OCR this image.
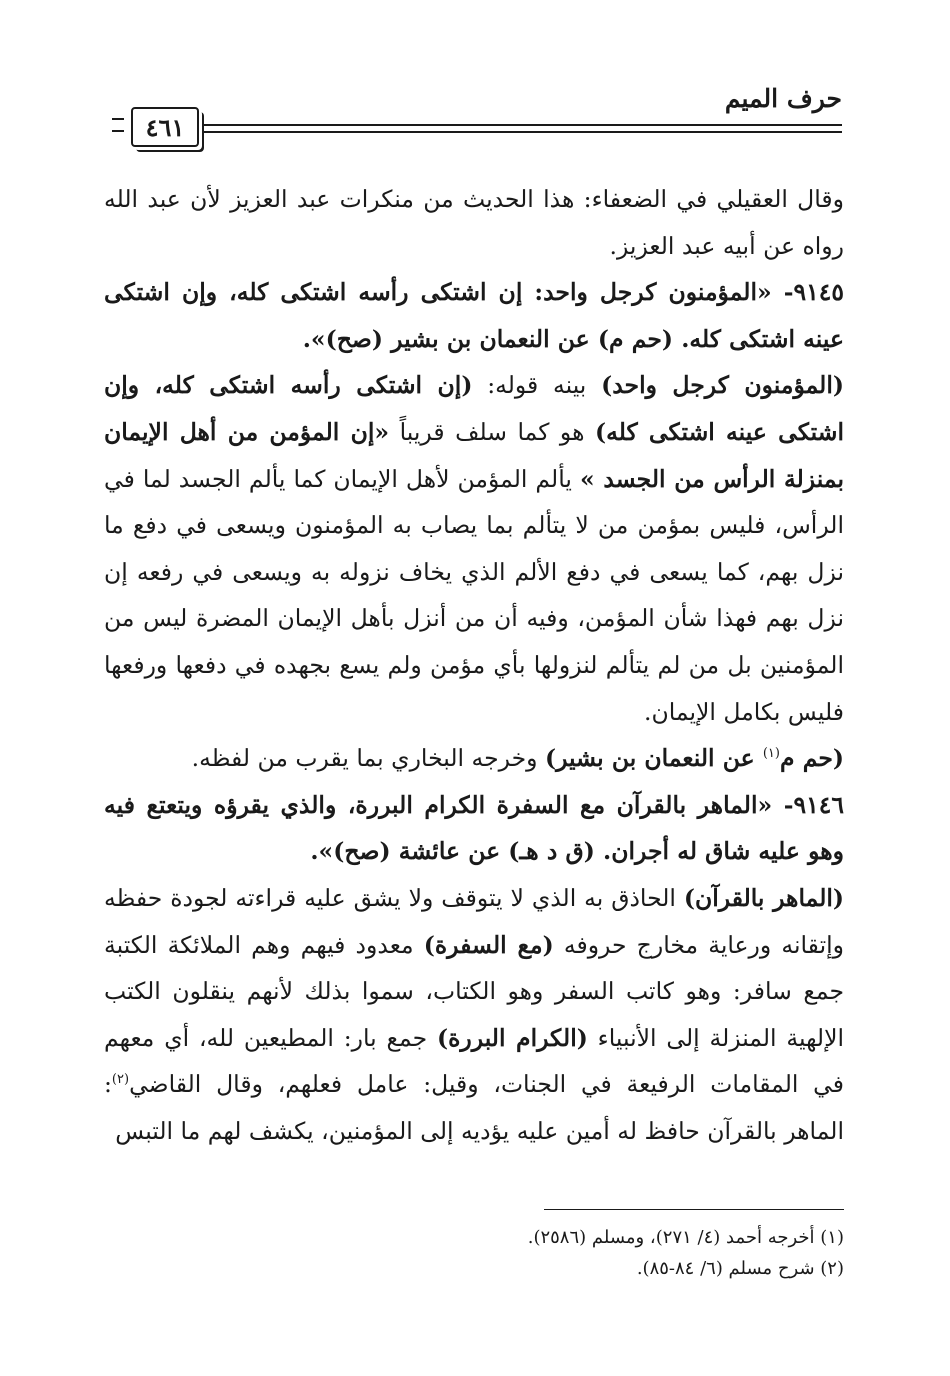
حرف الميم
٤٦١

وقال العقيلي في الضعفاء: هذا الحديث من منكرات عبد العزيز لأن عبد الله رواه عن أبيه عبد العزيز.

٩١٤٥- «المؤمنون كرجل واحد: إن اشتكى رأسه اشتكى كله، وإن اشتكى عينه اشتكى كله. (حم م) عن النعمان بن بشير (صح)».

(المؤمنون كرجل واحد) بينه قوله: (إن اشتكى رأسه اشتكى كله، وإن اشتكى عينه اشتكى كله) هو كما سلف قريباً «إن المؤمن من أهل الإيمان بمنزلة الرأس من الجسد » يألم المؤمن لأهل الإيمان كما يألم الجسد لما في الرأس، فليس بمؤمن من لا يتألم بما يصاب به المؤمنون ويسعى في دفع ما نزل بهم، كما يسعى في دفع الألم الذي يخاف نزوله به ويسعى في رفعه إن نزل بهم فهذا شأن المؤمن، وفيه أن من أنزل بأهل الإيمان المضرة ليس من المؤمنين بل من لم يتألم لنزولها بأي مؤمن ولم يسع بجهده في دفعها ورفعها فليس بكامل الإيمان.

(حم م$^{(١)}$ عن النعمان بن بشير) وخرجه البخاري بما يقرب من لفظه.

٩١٤٦- «الماهر بالقرآن مع السفرة الكرام البررة، والذي يقرؤه ويتعتع فيه وهو عليه شاق له أجران. (ق د هـ) عن عائشة (صح)».

(الماهر بالقرآن) الحاذق به الذي لا يتوقف ولا يشق عليه قراءته لجودة حفظه وإتقانه ورعاية مخارج حروفه (مع السفرة) معدود فيهم وهم الملائكة الكتبة جمع سافر: وهو كاتب السفر وهو الكتاب، سموا بذلك لأنهم ينقلون الكتب الإلهية المنزلة إلى الأنبياء (الكرام البررة) جمع بار: المطيعين لله، أي معهم في المقامات الرفيعة في الجنات، وقيل: عامل فعلهم، وقال القاضي$^{(٢)}$: الماهر بالقرآن حافظ له أمين عليه يؤديه إلى المؤمنين، يكشف لهم ما التبس

(١) أخرجه أحمد (٤/ ٢٧١)، ومسلم (٢٥٨٦).
(٢) شرح مسلم (٦/ ٨٤-٨٥).
